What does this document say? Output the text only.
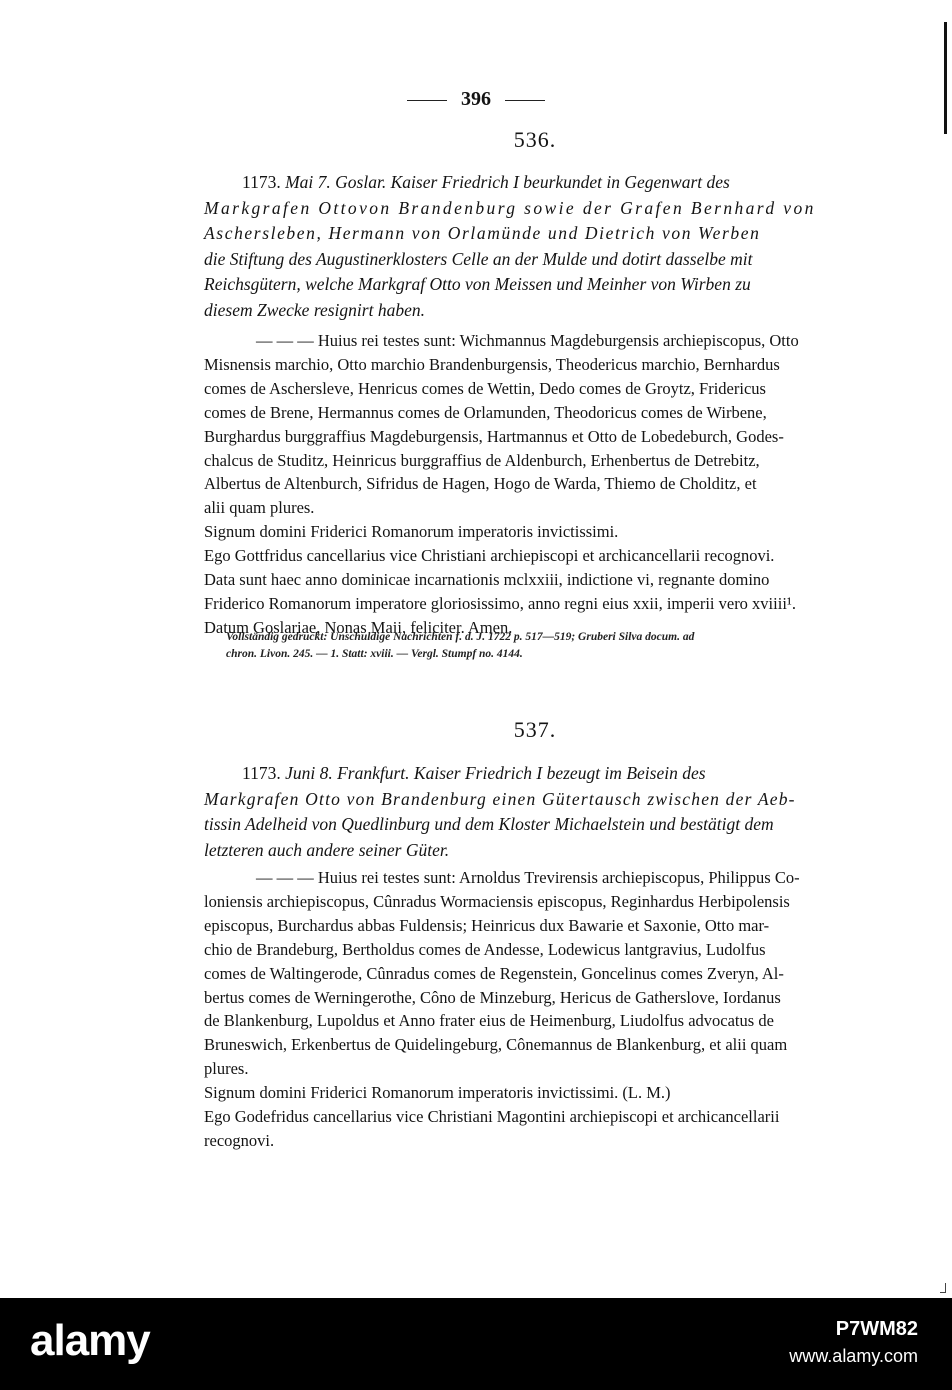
396
536.
1173. Mai 7. Goslar. Kaiser Friedrich I beurkundet in Gegenwart des
Markgrafen Ottovon Brandenburg sowie der Grafen Bernhard von
Aschersleben, Hermann von Orlamünde und Dietrich von Werben
die Stiftung des Augustinerklosters Celle an der Mulde und dotirt dasselbe mit
Reichsgütern, welche Markgraf Otto von Meissen und Meinher von Wirben zu
diesem Zwecke resignirt haben.
— — — Huius rei testes sunt: Wichmannus Magdeburgensis archiepiscopus, Otto
Misnensis marchio, Otto marchio Brandenburgensis, Theodericus marchio, Bernhardus
comes de Aschersleve, Henricus comes de Wettin, Dedo comes de Groytz, Fridericus
comes de Brene, Hermannus comes de Orlamunden, Theodoricus comes de Wirbene,
Burghardus burggraffius Magdeburgensis, Hartmannus et Otto de Lobedeburch, Godes-
chalcus de Studitz, Heinricus burggraffius de Aldenburch, Erhenbertus de Detrebitz,
Albertus de Altenburch, Sifridus de Hagen, Hogo de Warda, Thiemo de Cholditz, et
alii quam plures.
Signum domini Friderici Romanorum imperatoris invictissimi.
Ego Gottfridus cancellarius vice Christiani archiepiscopi et archicancellarii recognovi.
Data sunt haec anno dominicae incarnationis mclxxiii, indictione vi, regnante domino
Friderico Romanorum imperatore gloriosissimo, anno regni eius xxii, imperii vero xviiii¹.
Datum Goslariae, Nonas Maii, feliciter. Amen.
Vollständig gedruckt: Unschuldige Nachrichten f. d. J. 1722 p. 517—519; Gruberi Silva docum. ad
chron. Livon. 245. — 1. Statt: xviii. — Vergl. Stumpf no. 4144.
537.
1173. Juni 8. Frankfurt. Kaiser Friedrich I bezeugt im Beisein des
Markgrafen Otto von Brandenburg einen Gütertausch zwischen der Aeb-
tissin Adelheid von Quedlinburg und dem Kloster Michaelstein und bestätigt dem
letzteren auch andere seiner Güter.
— — — Huius rei testes sunt: Arnoldus Trevirensis archiepiscopus, Philippus Co-
loniensis archiepiscopus, Cûnradus Wormaciensis episcopus, Reginhardus Herbipolensis
episcopus, Burchardus abbas Fuldensis; Heinricus dux Bawarie et Saxonie, Otto mar-
chio de Brandeburg, Bertholdus comes de Andesse, Lodewicus lantgravius, Ludolfus
comes de Waltingerode, Cûnradus comes de Regenstein, Goncelinus comes Zveryn, Al-
bertus comes de Werningerothe, Côno de Minzeburg, Hericus de Gatherslove, Iordanus
de Blankenburg, Lupoldus et Anno frater eius de Heimenburg, Liudolfus advocatus de
Bruneswich, Erkenbertus de Quidelingeburg, Cônemannus de Blankenburg, et alii quam
plures.
Signum domini Friderici Romanorum imperatoris invictissimi. (L. M.)
Ego Godefridus cancellarius vice Christiani Magontini archiepiscopi et archicancellarii
recognovi.
alamy	P7WM82
www.alamy.com
